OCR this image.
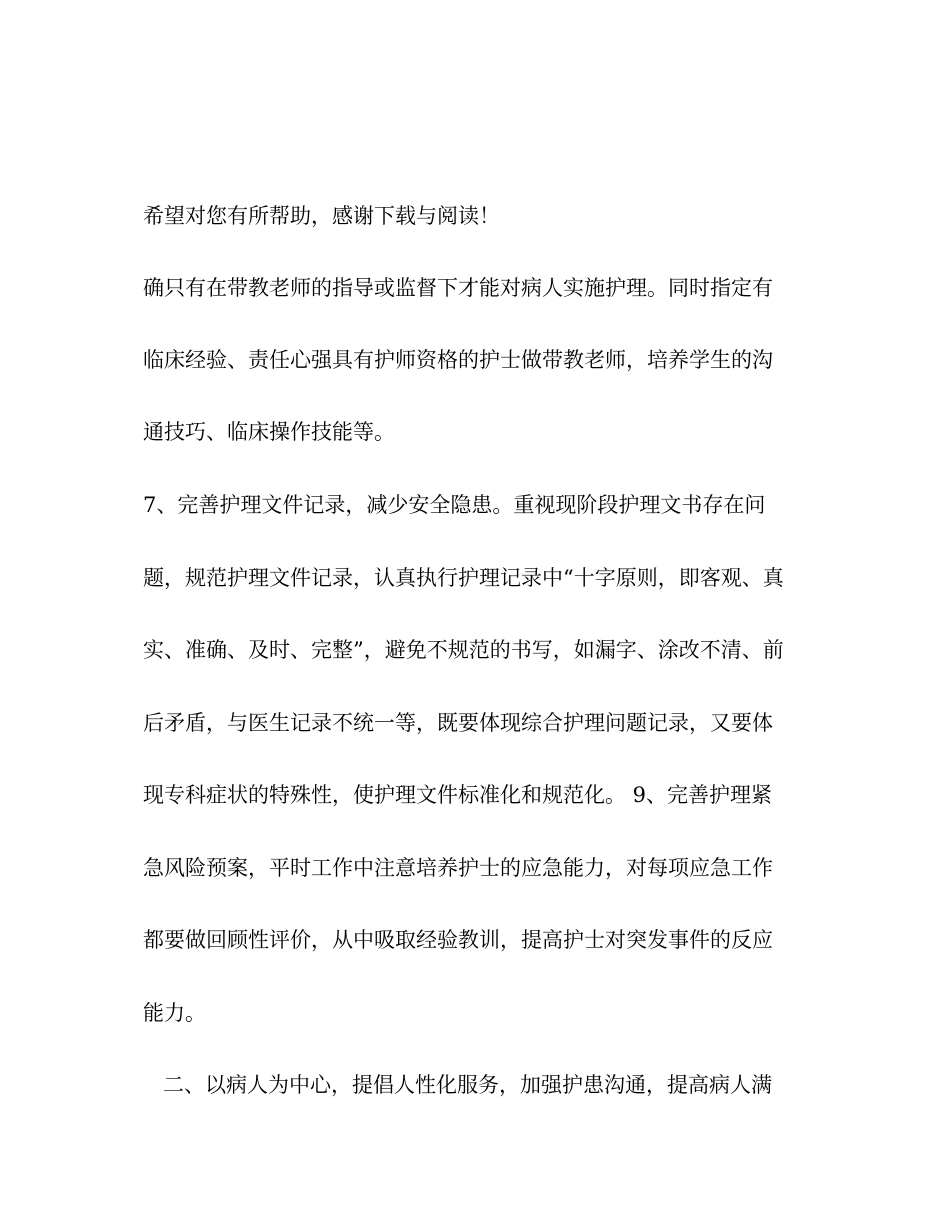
希望对您有所帮助，感谢下载与阅读！
确只有在带教老师的指导或监督下才能对病人实施护理。同时指定有
临床经验、责任心强具有护师资格的护士做带教老师，培养学生的沟
通技巧、临床操作技能等。
7、完善护理文件记录，减少安全隐患。重视现阶段护理文书存在问
题，规范护理文件记录，认真执行护理记录中“十字原则，即客观、真
实、准确、及时、完整”，避免不规范的书写，如漏字、涂改不清、前
后矛盾，与医生记录不统一等，既要体现综合护理问题记录，又要体
现专科症状的特殊性，使护理文件标准化和规范化。 9、完善护理紧
急风险预案，平时工作中注意培养护士的应急能力，对每项应急工作
都要做回顾性评价，从中吸取经验教训，提高护士对突发事件的反应
能力。
二、以病人为中心，提倡人性化服务，加强护患沟通，提高病人满
